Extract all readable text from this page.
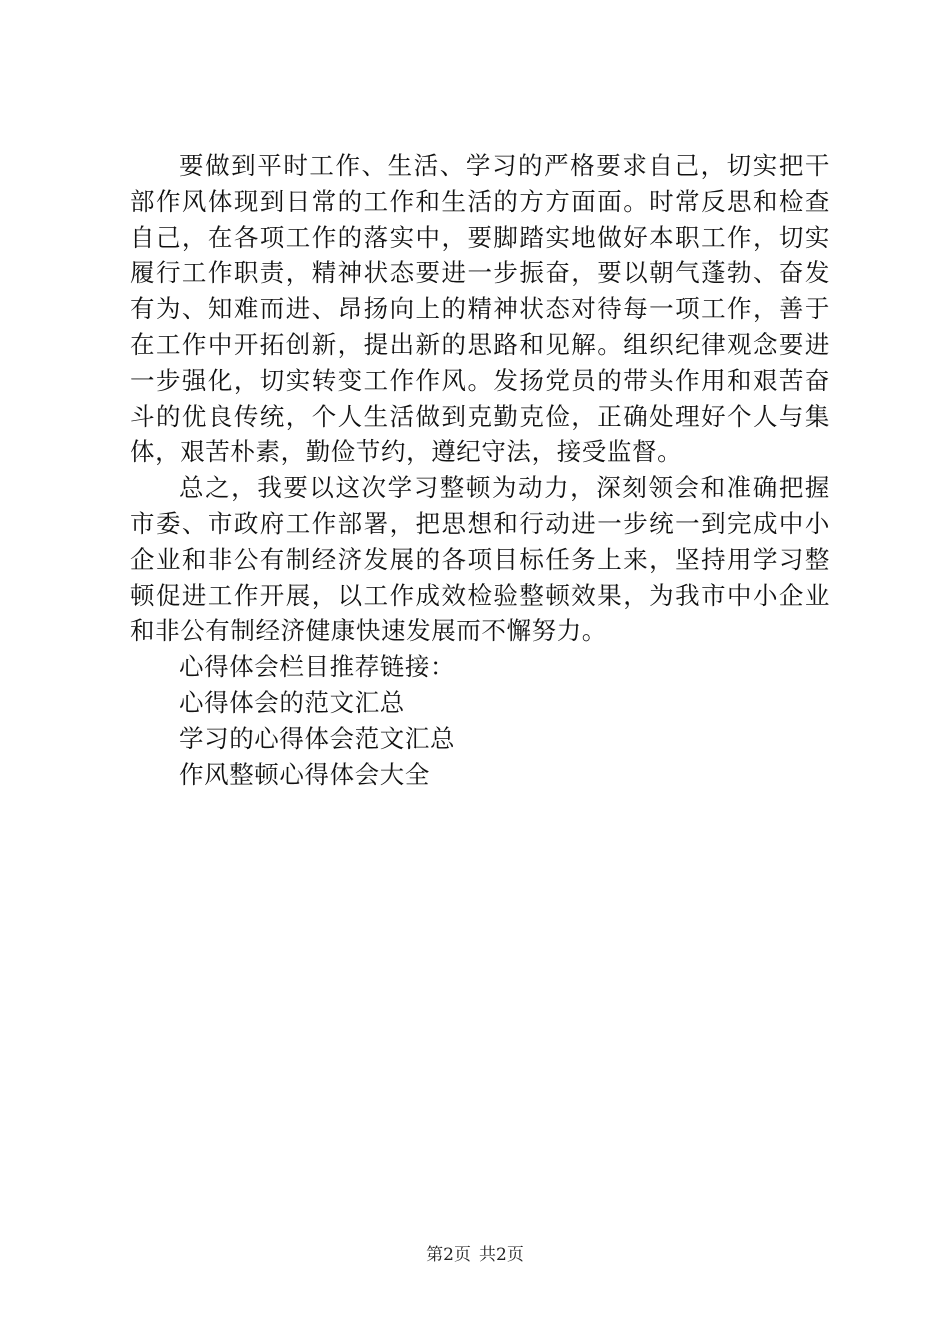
要做到平时工作、生活、学习的严格要求自己，切实把干部作风体现到日常的工作和生活的方方面面。时常反思和检查自己，在各项工作的落实中，要脚踏实地做好本职工作，切实履行工作职责，精神状态要进一步振奋，要以朝气蓬勃、奋发有为、知难而进、昂扬向上的精神状态对待每一项工作，善于在工作中开拓创新，提出新的思路和见解。组织纪律观念要进一步强化，切实转变工作作风。发扬党员的带头作用和艰苦奋斗的优良传统，个人生活做到克勤克俭，正确处理好个人与集体，艰苦朴素，勤俭节约，遵纪守法，接受监督。

总之，我要以这次学习整顿为动力，深刻领会和准确把握市委、市政府工作部署，把思想和行动进一步统一到完成中小企业和非公有制经济发展的各项目标任务上来，坚持用学习整顿促进工作开展，以工作成效检验整顿效果，为我市中小企业和非公有制经济健康快速发展而不懈努力。

心得体会栏目推荐链接：
心得体会的范文汇总
学习的心得体会范文汇总
作风整顿心得体会大全
第2页 共2页
